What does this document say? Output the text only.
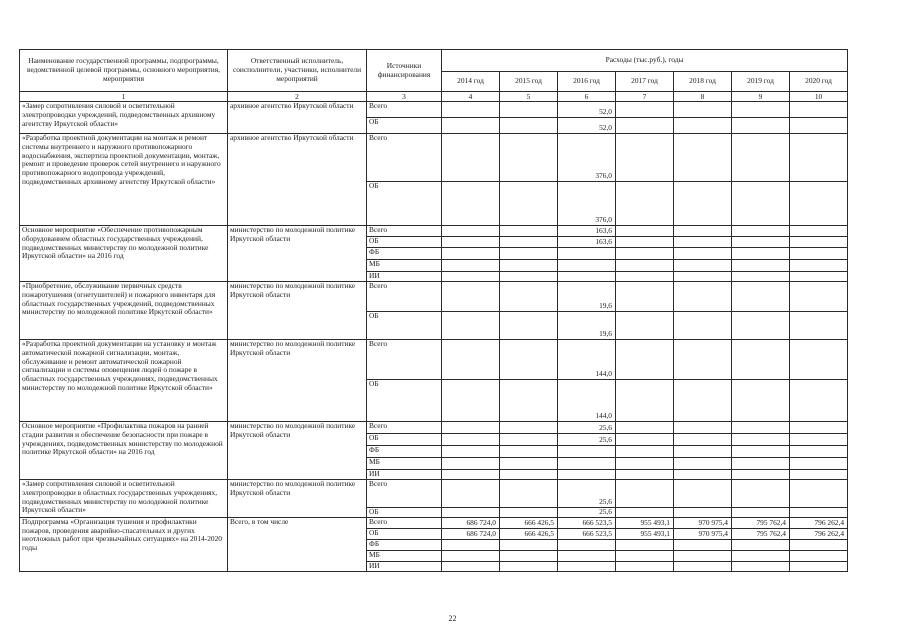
Наименование государственной программы, подпрограммы, ведомственной целевой программы, основного мероприятия, мероприятия	Ответственный исполнитель, соисполнители, участники, исполнители мероприятий	Источники финансирования	Расходы (тыс.руб.), годы						
			2014 год	2015 год	2016 год	2017 год	2018 год	2019 год	2020 год
1	2	3	4	5	6	7	8	9	10
«Замер сопротивления силовой и осветительной электропроводки учреждений, подведомственных архивному агентству Иркутской области»	архивное агентство Иркутской области	Всего			52,0				
		ОБ			52,0				
«Разработка проектной документации на монтаж и ремонт системы внутреннего и наружного противопожарного водоснабжения, экспертиза проектной документации, монтаж, ремонт и проведение проверок сетей внутреннего и наружного противопожарного водопровода учреждений, подведомственных архивному агентству Иркутской области»	архивное агентство Иркутской области	Всего			376,0				
		ОБ			376,0				
Основное мероприятие «Обеспечение противопожарным оборудованием областных государственных учреждений, подведомственных министерству по молодежной политике Иркутской области» на 2016 год	министерство по молодежной политике Иркутской области	Всего			163,6				
		ОБ			163,6				
		ФБ							
		МБ							
		ИИ							
«Приобретение, обслуживание первичных средств пожаротушения (огнетушителей) и пожарного инвентаря для областных государственных учреждений, подведомственных министерству по молодежной политике Иркутской области»	министерство по молодежной политике Иркутской области	Всего			19,6				
		ОБ			19,6				
«Разработка проектной документации на установку и монтаж автоматической пожарной сигнализации, монтаж, обслуживание и ремонт автоматической пожарной сигнализации и системы оповещения людей о пожаре в областных государственных учреждениях, подведомственных министерству по молодежной политике Иркутской области»	министерство по молодежной политике Иркутской области	Всего			144,0				
		ОБ			144,0				
Основное мероприятие «Профилактика пожаров на ранней стадии развития и обеспечение безопасности при пожаре в учреждениях, подведомственных министерству по молодежной политике Иркутской области» на 2016 год	министерство по молодежной политике Иркутской области	Всего			25,6				
		ОБ			25,6				
		ФБ							
		МБ							
		ИИ							
«Замер сопротивления силовой и осветительной электропроводки в областных государственных учреждениях, подведомственных министерству по молодежной политике Иркутской области»	министерство по молодежной политике Иркутской области	Всего			25,6				
		ОБ			25,6				
Подпрограмма «Организация тушения и профилактики пожаров, проведения аварийно-спасательных и других неотложных работ при чрезвычайных ситуациях» на 2014-2020 годы	Всего, в том числе	Всего	686 724,0	666 426,5	666 523,5	955 493,1	970 975,4	795 762,4	796 262,4
		ОБ	686 724,0	666 426,5	666 523,5	955 493,1	970 975,4	795 762,4	796 262,4
		ФБ							
		МБ							
		ИИ							
22
